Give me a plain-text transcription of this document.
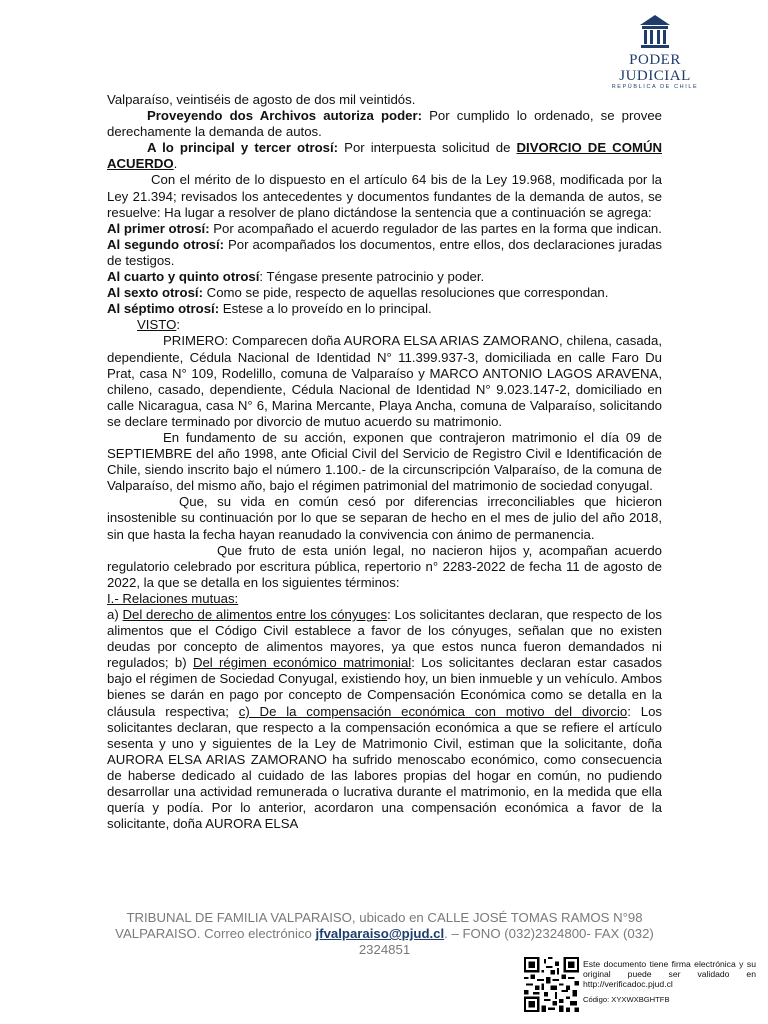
PODER JUDICIAL
REPÚBLICA DE CHILE

Valparaíso, veintiséis de agosto de dos mil veintidós.

Proveyendo dos Archivos autoriza poder: Por cumplido lo ordenado, se provee derechamente la demanda de autos.

A lo principal y tercer otrosí: Por interpuesta solicitud de DIVORCIO DE COMÚN ACUERDO.

Con el mérito de lo dispuesto en el artículo 64 bis de la Ley 19.968, modificada por la Ley 21.394; revisados los antecedentes y documentos fundantes de la demanda de autos, se resuelve: Ha lugar a resolver de plano dictándose la sentencia que a continuación se agrega:

Al primer otrosí: Por acompañado el acuerdo regulador de las partes en la forma que indican.

Al segundo otrosí: Por acompañados los documentos, entre ellos, dos declaraciones juradas de testigos.

Al cuarto y quinto otrosí: Téngase presente patrocinio y poder.

Al sexto otrosí: Como se pide, respecto de aquellas resoluciones que correspondan.

Al séptimo otrosí: Estese a lo proveído en lo principal.

VISTO:

PRIMERO: Comparecen doña AURORA ELSA ARIAS ZAMORANO, chilena, casada, dependiente, Cédula Nacional de Identidad N° 11.399.937-3, domiciliada en calle Faro Du Prat, casa N° 109, Rodelillo, comuna de Valparaíso y MARCO ANTONIO LAGOS ARAVENA, chileno, casado, dependiente, Cédula Nacional de Identidad N° 9.023.147-2, domiciliado en calle Nicaragua, casa N° 6, Marina Mercante, Playa Ancha, comuna de Valparaíso, solicitando se declare terminado por divorcio de mutuo acuerdo su matrimonio.

En fundamento de su acción, exponen que contrajeron matrimonio el día 09 de SEPTIEMBRE del año 1998, ante Oficial Civil del Servicio de Registro Civil e Identificación de Chile, siendo inscrito bajo el número 1.100.- de la circunscripción Valparaíso, de la comuna de Valparaíso, del mismo año, bajo el régimen patrimonial del matrimonio de sociedad conyugal.

Que, su vida en común cesó por diferencias irreconciliables que hicieron insostenible su continuación por lo que se separan de hecho en el mes de julio del año 2018, sin que hasta la fecha hayan reanudado la convivencia con ánimo de permanencia.

Que fruto de esta unión legal, no nacieron hijos y, acompañan acuerdo regulatorio celebrado por escritura pública, repertorio n° 2283-2022 de fecha 11 de agosto de 2022, la que se detalla en los siguientes términos:

I.- Relaciones mutuas:

a) Del derecho de alimentos entre los cónyuges: Los solicitantes declaran, que respecto de los alimentos que el Código Civil establece a favor de los cónyuges, señalan que no existen deudas por concepto de alimentos mayores, ya que estos nunca fueron demandados ni regulados; b) Del régimen económico matrimonial: Los solicitantes declaran estar casados bajo el régimen de Sociedad Conyugal, existiendo hoy, un bien inmueble y un vehículo. Ambos bienes se darán en pago por concepto de Compensación Económica como se detalla en la cláusula respectiva; c) De la compensación económica con motivo del divorcio: Los solicitantes declaran, que respecto a la compensación económica a que se refiere el artículo sesenta y uno y siguientes de la Ley de Matrimonio Civil, estiman que la solicitante, doña AURORA ELSA ARIAS ZAMORANO ha sufrido menoscabo económico, como consecuencia de haberse dedicado al cuidado de las labores propias del hogar en común, no pudiendo desarrollar una actividad remunerada o lucrativa durante el matrimonio, en la medida que ella quería y podía. Por lo anterior, acordaron una compensación económica a favor de la solicitante, doña AURORA ELSA

TRIBUNAL DE FAMILIA VALPARAISO, ubicado en CALLE JOSÉ TOMAS RAMOS N°98 VALPARAISO. Correo electrónico jfvalparaiso@pjud.cl. – FONO (032)2324800- FAX (032) 2324851

Este documento tiene firma electrónica y su original puede ser validado en http://verificadoc.pjud.cl

Código: XYXWXBGHTFB
